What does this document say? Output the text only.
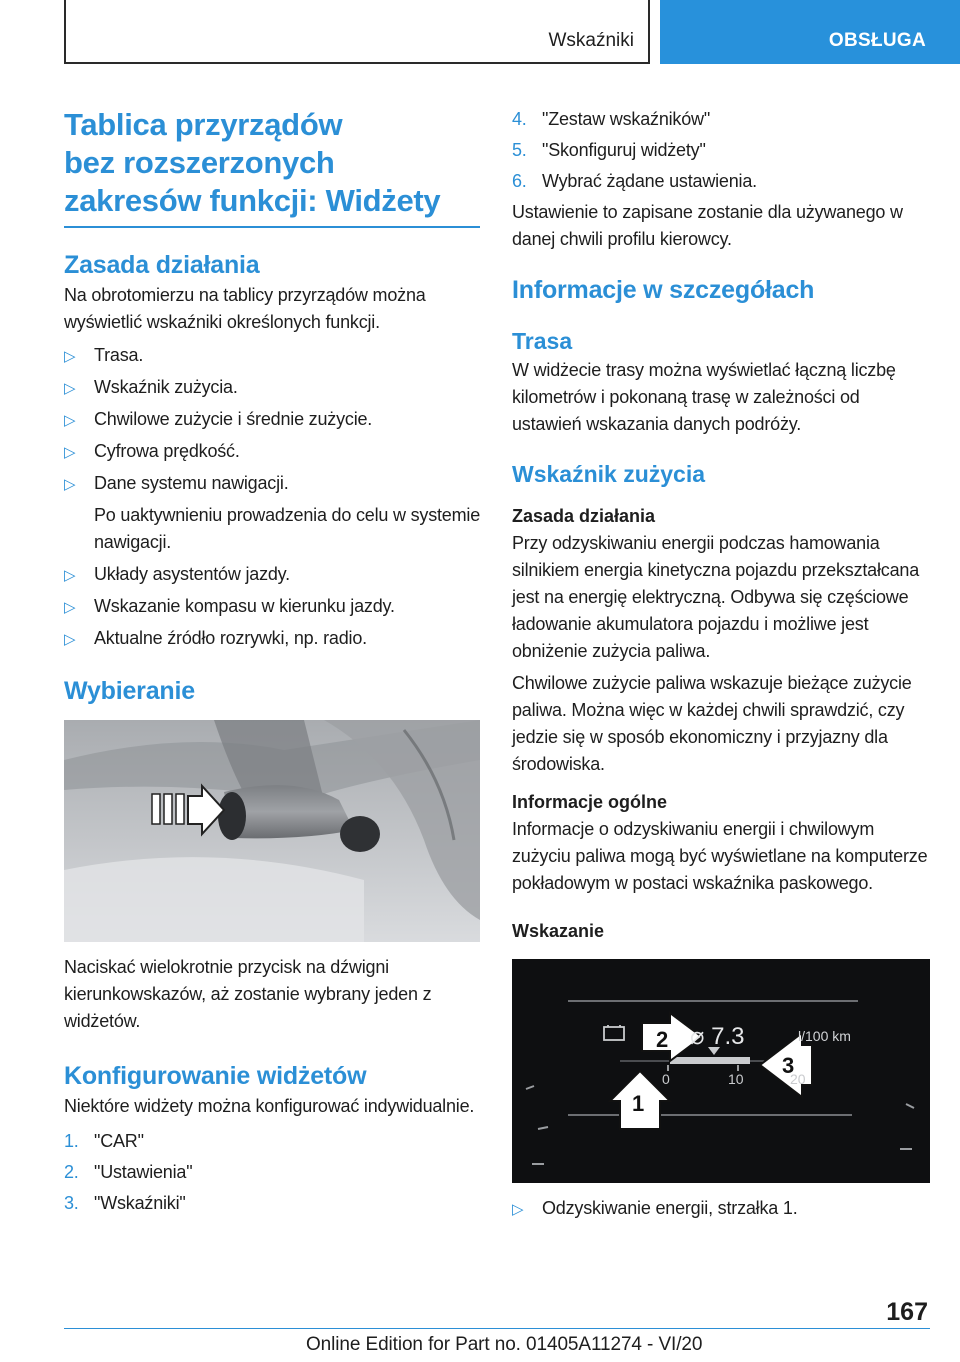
Wskaźniki	OBSŁUGA
Tablica przyrządów
bez rozszerzonych
zakresów funkcji: Widżety
Zasada działania

Na obrotomierzu na tablicy przyrządów można wyświetlić wskaźniki określonych funkcji.

▷ Trasa.
▷ Wskaźnik zużycia.
▷ Chwilowe zużycie i średnie zużycie.
▷ Cyfrowa prędkość.
▷ Dane systemu nawigacji.

Po uaktywnieniu prowadzenia do celu w systemie nawigacji.

▷ Układy asystentów jazdy.
▷ Wskazanie kompasu w kierunku jazdy.
▷ Aktualne źródło rozrywki, np. radio.
Wybieranie

Naciskać wielokrotnie przycisk na dźwigni kierunkowskazów, aż zostanie wybrany jeden z widżetów.

Konfigurowanie widżetów

Niektóre widżety można konfigurować indywidualnie.

1. "CAR"
2. "Ustawienia"
3. "Wskaźniki"
4. "Zestaw wskaźników"
5. "Skonfiguruj widżety"
6. Wybrać żądane ustawienia.

Ustawienie to zapisane zostanie dla używanego w danej chwili profilu kierowcy.

Informacje w szczegółach
Trasa

W widżecie trasy można wyświetlać łączną liczbę kilometrów i pokonaną trasę w zależności od ustawień wskazania danych podróży.

Wskaźnik zużycia
Zasada działania

Przy odzyskiwaniu energii podczas hamowania silnikiem energia kinetyczna pojazdu przekształcana jest na energię elektryczną. Odbywa się częściowe ładowanie akumulatora pojazdu i możliwe jest obniżenie zużycia paliwa.

Chwilowe zużycie paliwa wskazuje bieżące zużycie paliwa. Można więc w każdej chwili sprawdzić, czy jedzie się w sposób ekonomiczny i przyjazny dla środowiska.

Informacje ogólne

Informacje o odzyskiwaniu energii i chwilowym zużyciu paliwa mogą być wyświetlane na komputerze pokładowym w postaci wskaźnika paskowego.

Wskazanie
⌀ 7.3	l/100 km
0	10	20
1
2
3
▷ Odzyskiwanie energii, strzałka 1.
167
Online Edition for Part no. 01405A11274 - VI/20
